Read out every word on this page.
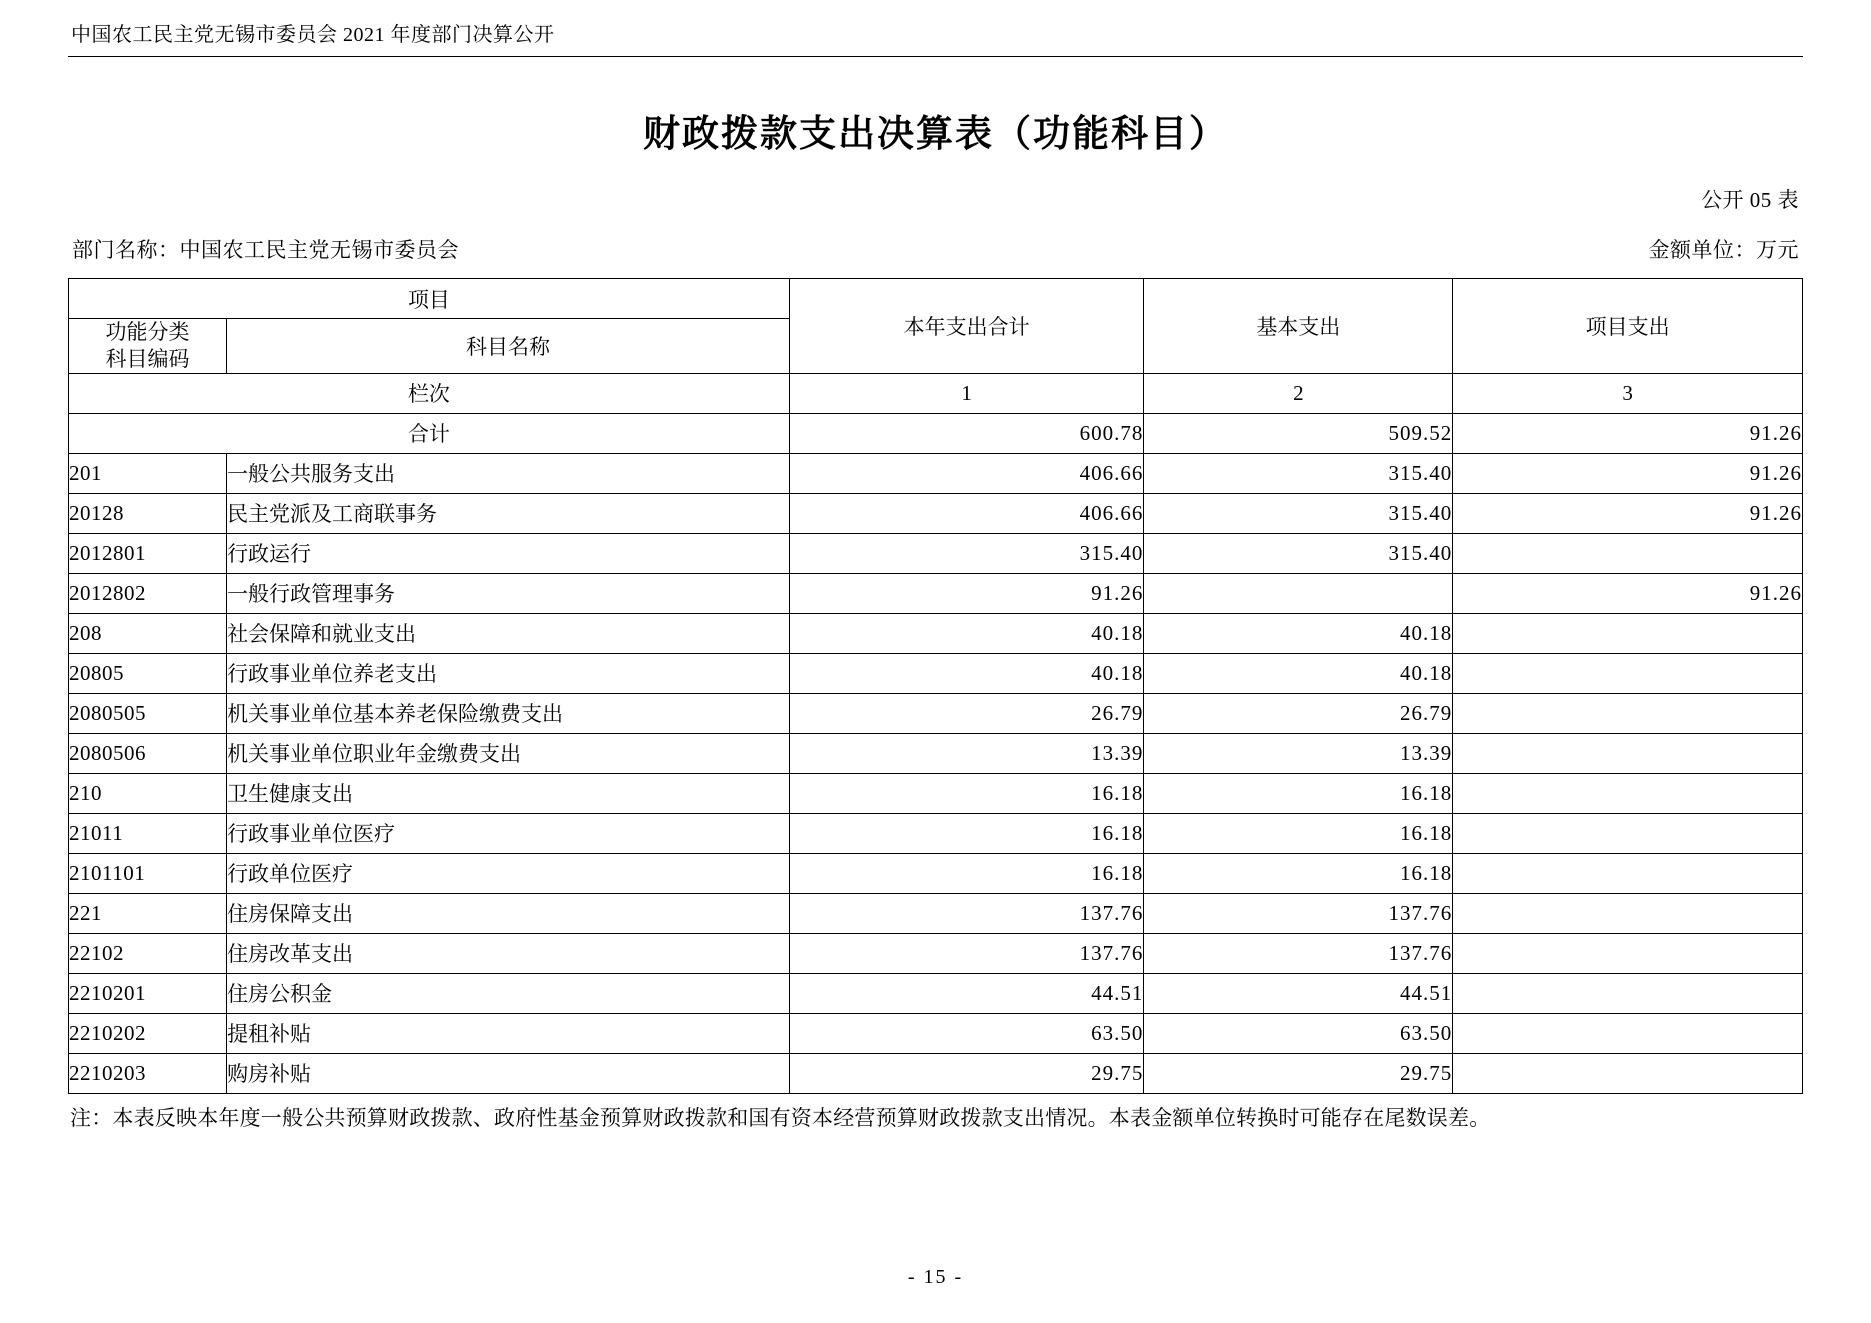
中国农工民主党无锡市委员会 2021 年度部门决算公开
财政拨款支出决算表（功能科目）
公开 05 表
部门名称：中国农工民主党无锡市委员会	金额单位：万元
项目		本年支出合计	基本支出	项目支出

功能分类
科目编码	科目名称			
栏次		1	2	3
合计		600.78	509.52	91.26
201	一般公共服务支出	406.66	315.40	91.26
20128	民主党派及工商联事务	406.66	315.40	91.26
2012801	行政运行	315.40	315.40	
2012802	一般行政管理事务	91.26		91.26
208	社会保障和就业支出	40.18	40.18	
20805	行政事业单位养老支出	40.18	40.18	
2080505	机关事业单位基本养老保险缴费支出	26.79	26.79	
2080506	机关事业单位职业年金缴费支出	13.39	13.39	
210	卫生健康支出	16.18	16.18	
21011	行政事业单位医疗	16.18	16.18	
2101101	行政单位医疗	16.18	16.18	
221	住房保障支出	137.76	137.76	
22102	住房改革支出	137.76	137.76	
2210201	住房公积金	44.51	44.51	
2210202	提租补贴	63.50	63.50	
2210203	购房补贴	29.75	29.75	
注：本表反映本年度一般公共预算财政拨款、政府性基金预算财政拨款和国有资本经营预算财政拨款支出情况。本表金额单位转换时可能存在尾数误差。
- 15 -
